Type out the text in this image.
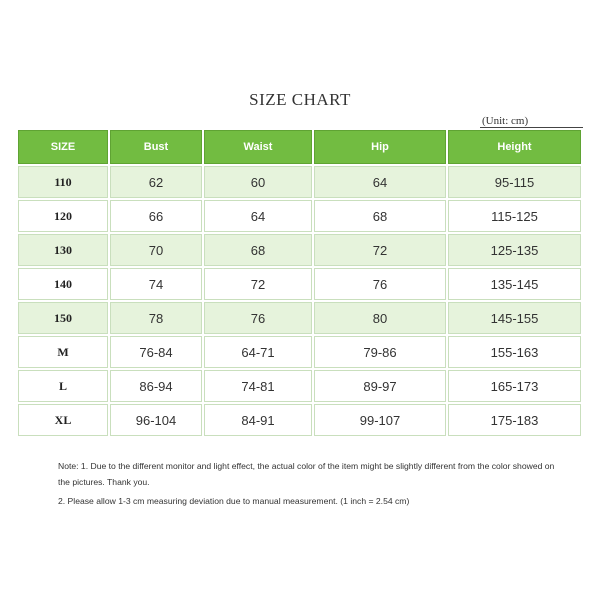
SIZE CHART
(Unit: cm)
SIZE	Bust	Waist	Hip	Height
110	62	60	64	95-115
120	66	64	68	115-125
130	70	68	72	125-135
140	74	72	76	135-145
150	78	76	80	145-155
M	76-84	64-71	79-86	155-163
L	86-94	74-81	89-97	165-173
XL	96-104	84-91	99-107	175-183

Note: 1. Due to the different monitor and light effect, the actual color of the item might be slightly different from the color showed on the pictures. Thank you.

2. Please allow 1-3 cm measuring deviation due to manual measurement. (1 inch = 2.54 cm)
